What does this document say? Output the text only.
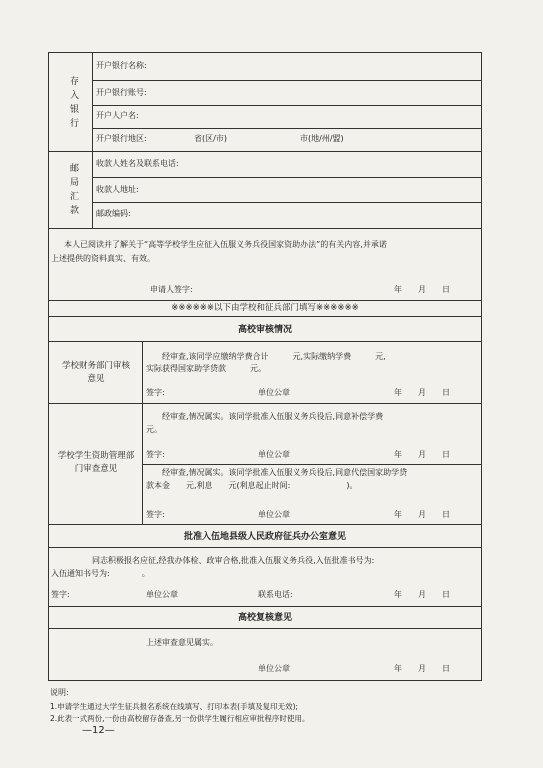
存入银行
开户银行名称:
开户银行账号:
开户人户名:
开户银行地区:	省(区/市)	市(地/州/盟)
邮局汇款 收款人姓名及联系电话:
收款人地址:
邮政编码:
本人已阅读并了解关于“高等学校学生应征入伍服义务兵役国家资助办法”的有关内容,并承诺
上述提供的资料真实、有效。
申请人签字:	年　　月　　日
※※※※※※以下由学校和征兵部门填写※※※※※※
高校审核情况
学校财务部门审核意见
经审查,该同学应缴纳学费合计　　　元,实际缴纳学费　　　元,
实际获得国家助学贷款　　　元。
签字:	单位公章	年　　月　　日
学校学生资助管理部门审查意见
经审查,情况属实。该同学批准入伍服义务兵役后,同意补偿学费
元。
签字:	单位公章	年　　月　　日
经审查,情况属实。该同学批准入伍服义务兵役后,同意代偿国家助学贷
款本金　　元,利息　　元(利息起止时间:　　　　　　　)。
签字:	单位公章	年　　月　　日
批准入伍地县级人民政府征兵办公室意见
同志积极报名应征,经我办体检、政审合格,批准入伍服义务兵役,入伍批准书号为:
入伍通知书号为:　　　　。
签字:	单位公章	联系电话:	年　　月　　日
高校复核意见
上述审查意见属实。
单位公章	年　　月　　日
说明:
1.申请学生通过大学生征兵报名系统在线填写、打印本表(手填及复印无效);
2.此表一式两份,一份由高校留存备查,另一份供学生履行相应审批程序时使用。
—12—
